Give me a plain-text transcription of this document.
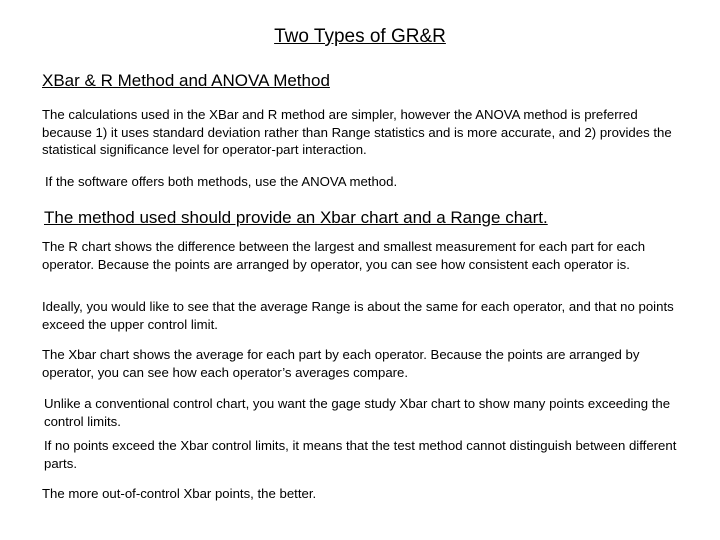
Two Types of GR&R
XBar & R Method and ANOVA Method

The calculations used in the XBar and R method are simpler, however the ANOVA method is preferred because 1) it uses standard deviation rather than Range statistics and is more accurate, and 2) provides the statistical significance level for operator-part interaction.

If the software offers both methods, use the ANOVA method.

The method used should provide an Xbar chart and a Range chart.

The R chart shows the difference between the largest and smallest measurement for each part for each operator. Because the points are arranged by operator, you can see how consistent each operator is.

Ideally, you would like to see that the average Range is about the same for each operator, and that no points exceed the upper control limit.

The Xbar chart shows the average for each part by each operator. Because the points are arranged by operator, you can see how each operator’s averages compare.

Unlike a conventional control chart, you want the gage study Xbar chart to show many points exceeding the control limits.

If no points exceed the Xbar control limits, it means that the test method cannot distinguish between different parts.

The more out-of-control Xbar points, the better.
